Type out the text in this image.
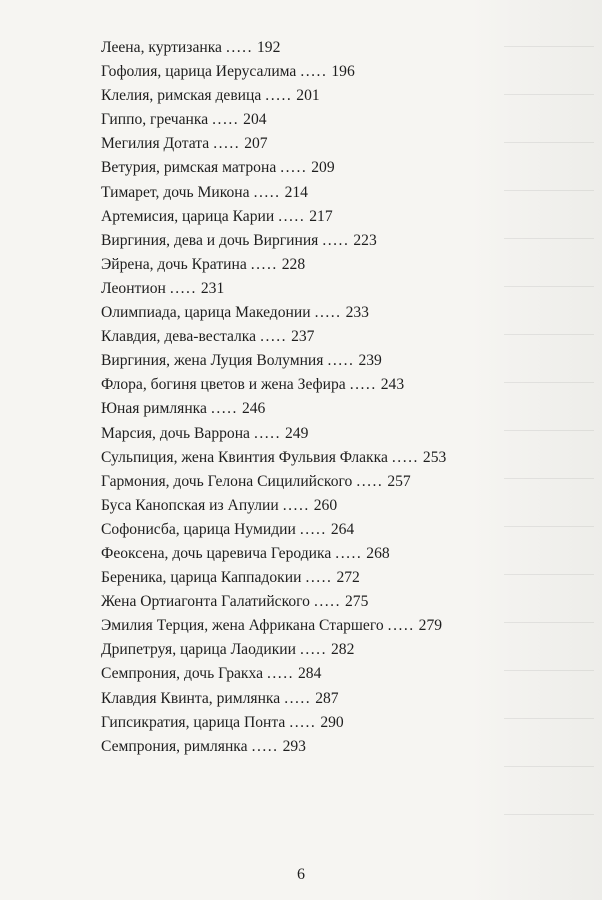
Леена, куртизанка ..... 192
Гофолия, царица Иерусалима ..... 196
Клелия, римская девица ..... 201
Гиппо, гречанка ..... 204
Мегилия Дотата ..... 207
Ветурия, римская матрона ..... 209
Тимарет, дочь Микона ..... 214
Артемисия, царица Карии ..... 217
Виргиния, дева и дочь Виргиния ..... 223
Эйрена, дочь Кратина ..... 228
Леонтион ..... 231
Олимпиада, царица Македонии ..... 233
Клавдия, дева-весталка ..... 237
Виргиния, жена Луция Волумния ..... 239
Флора, богиня цветов и жена Зефира ..... 243
Юная римлянка ..... 246
Марсия, дочь Варрона ..... 249
Сульпиция, жена Квинтия Фульвия Флакка ..... 253
Гармония, дочь Гелона Сицилийского ..... 257
Буса Канопская из Апулии ..... 260
Софонисба, царица Нумидии ..... 264
Феоксена, дочь царевича Геродика ..... 268
Береника, царица Каппадокии ..... 272
Жена Ортиагонта Галатийского ..... 275
Эмилия Терция, жена Африкана Старшего ..... 279
Дрипетруя, царица Лаодикии ..... 282
Семпрония, дочь Гракха ..... 284
Клавдия Квинта, римлянка ..... 287
Гипсикратия, царица Понта ..... 290
Семпрония, римлянка ..... 293
6
